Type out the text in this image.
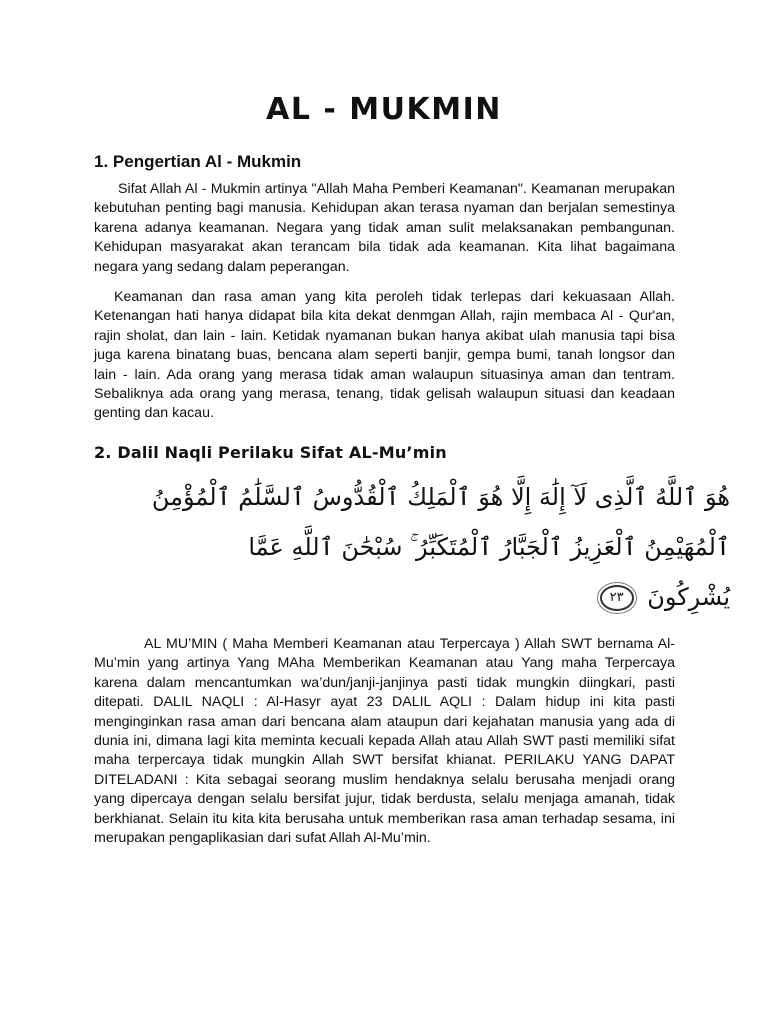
AL - MUKMIN
1. Pengertian Al - Mukmin

Sifat Allah Al - Mukmin artinya "Allah Maha Pemberi Keamanan". Keamanan merupakan kebutuhan penting bagi manusia. Kehidupan akan terasa nyaman dan berjalan semestinya karena adanya keamanan. Negara yang tidak aman sulit melaksanakan pembangunan. Kehidupan masyarakat akan terancam bila tidak ada keamanan. Kita lihat bagaimana negara yang sedang dalam peperangan.

Keamanan dan rasa aman yang kita peroleh tidak terlepas dari kekuasaan Allah. Ketenangan hati hanya didapat bila kita dekat denmgan Allah, rajin membaca Al - Qur'an, rajin sholat, dan lain - lain. Ketidak nyamanan bukan hanya akibat ulah manusia tapi bisa juga karena binatang buas, bencana alam seperti banjir, gempa bumi, tanah longsor dan lain - lain. Ada orang yang merasa tidak aman walaupun situasinya aman dan tentram. Sebaliknya ada orang yang merasa, tenang, tidak gelisah walaupun situasi dan keadaan genting dan kacau.

2. Dalil Naqli Perilaku Sifat AL-Mu’min
هُوَ ٱللَّهُ ٱلَّذِى لَآ إِلَٰهَ إِلَّا هُوَ ٱلْمَلِكُ ٱلْقُدُّوسُ ٱلسَّلَٰمُ ٱلْمُؤْمِنُ
ٱلْمُهَيْمِنُ ٱلْعَزِيزُ ٱلْجَبَّارُ ٱلْمُتَكَبِّرُ ۚ سُبْحَٰنَ ٱللَّهِ عَمَّا
يُشْرِكُونَ ٢٣

AL MU’MIN ( Maha Memberi Keamanan atau Terpercaya ) Allah SWT bernama Al-Mu’min yang artinya Yang MAha Memberikan Keamanan atau Yang maha Terpercaya karena dalam mencantumkan wa’dun/janji-janjinya pasti tidak mungkin diingkari, pasti ditepati. DALIL NAQLI : Al-Hasyr ayat 23 DALIL AQLI : Dalam hidup ini kita pasti menginginkan rasa aman dari bencana alam ataupun dari kejahatan manusia yang ada di dunia ini, dimana lagi kita meminta kecuali kepada Allah atau Allah SWT pasti memiliki sifat maha terpercaya tidak mungkin Allah SWT bersifat khianat. PERILAKU YANG DAPAT DITELADANI : Kita sebagai seorang muslim hendaknya selalu berusaha menjadi orang yang dipercaya dengan selalu bersifat jujur, tidak berdusta, selalu menjaga amanah, tidak berkhianat. Selain itu kita kita berusaha untuk memberikan rasa aman terhadap sesama, ini merupakan pengaplikasian dari sufat Allah Al-Mu’min.
